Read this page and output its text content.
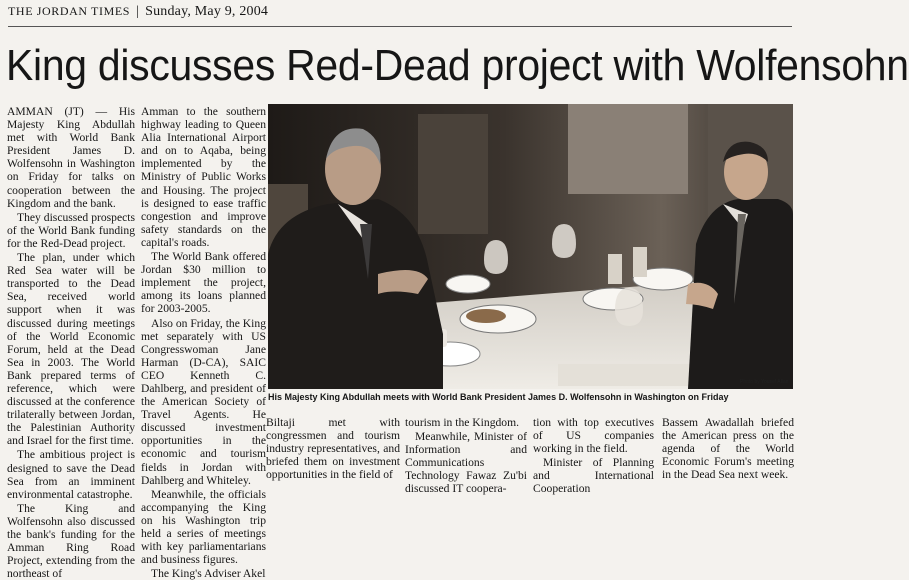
THE JORDAN TIMES | Sunday, May 9, 2004
King discusses Red-Dead project with Wolfensohn

AMMAN (JT) — His Majesty King Abdullah met with World Bank President James D. Wolfensohn in Washington on Friday for talks on cooperation between the Kingdom and the bank.

They discussed prospects of the World Bank funding for the Red-Dead project.

The plan, under which Red Sea water will be transported to the Dead Sea, received world support when it was discussed during meetings of the World Economic Forum, held at the Dead Sea in 2003. The World Bank prepared terms of reference, which were discussed at the conference trilaterally between Jordan, the Palestinian Authority and Israel for the first time.

The ambitious project is designed to save the Dead Sea from an imminent environmental catastrophe.

The King and Wolfensohn also discussed the bank's funding for the Amman Ring Road Project, extending from the northeast of

Amman to the southern highway leading to Queen Alia International Airport and on to Aqaba, being implemented by the Ministry of Public Works and Housing. The project is designed to ease traffic congestion and improve safety standards on the capital's roads.

The World Bank offered Jordan $30 million to implement the project, among its loans planned for 2003-2005.

Also on Friday, the King met separately with US Congresswoman Jane Harman (D-CA), SAIC CEO Kenneth C. Dahlberg, and president of the American Society of Travel Agents. He discussed investment opportunities in the economic and tourism fields in Jordan with Dahlberg and Whiteley.

Meanwhile, the officials accompanying the King on his Washington trip held a series of meetings with key parliamentarians and business figures.

The King's Adviser Akel

Photo by Yousef Allan
His Majesty King Abdullah meets with World Bank President James D. Wolfensohn in Washington on Friday

Biltaji met with congressmen and tourism industry representatives, and briefed them on investment opportunities in the field of

tourism in the Kingdom.

Meanwhile, Minister of Information and Communications Technology Fawaz Zu'bi discussed IT coopera-

tion with top executives of US companies working in the field.

Minister of Planning and International Cooperation

Bassem Awadallah briefed the American press on the agenda of the World Economic Forum's meeting in the Dead Sea next week.
